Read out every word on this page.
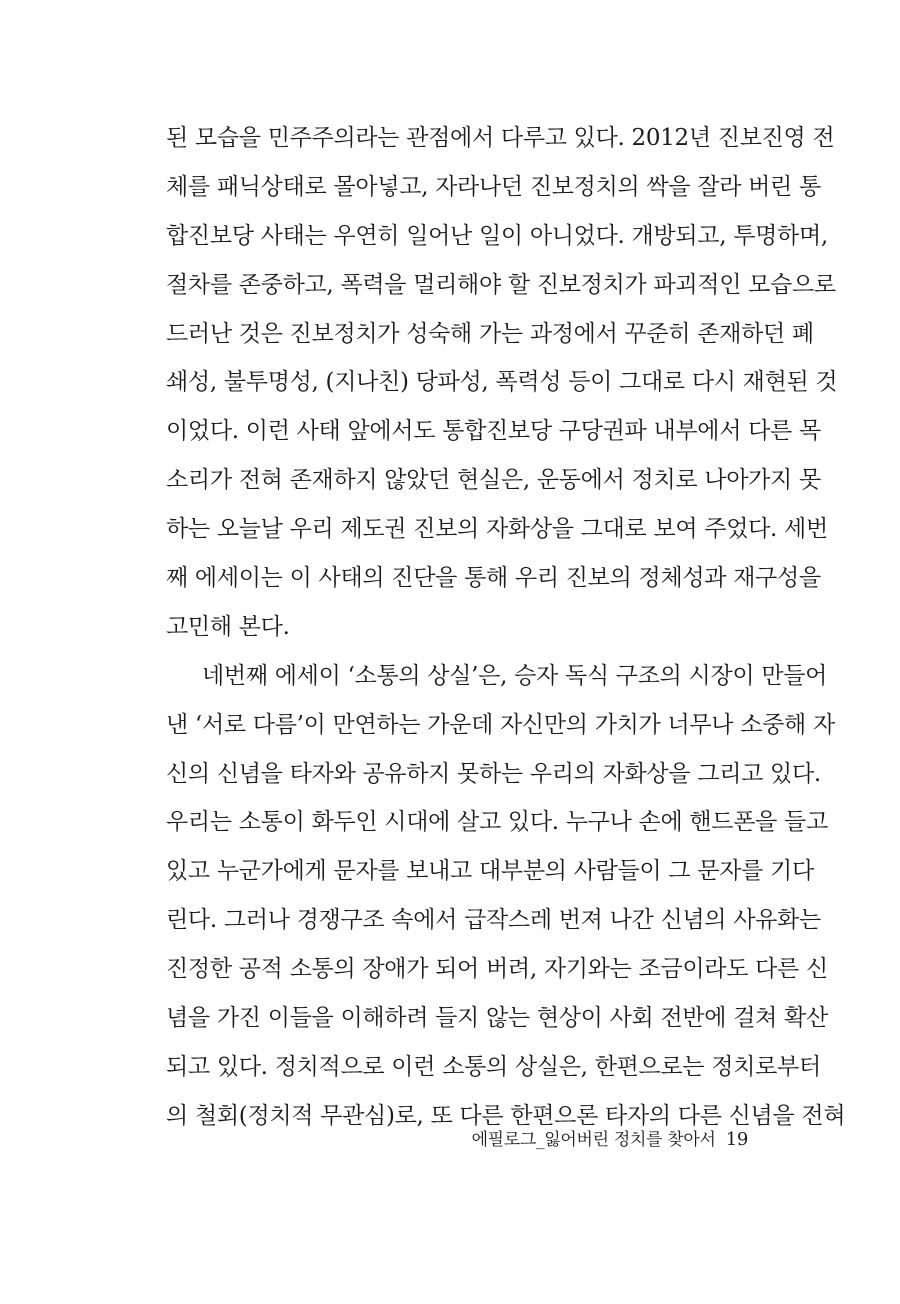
된 모습을 민주주의라는 관점에서 다루고 있다. 2012년 진보진영 전
체를 패닉상태로 몰아넣고, 자라나던 진보정치의 싹을 잘라 버린 통
합진보당 사태는 우연히 일어난 일이 아니었다. 개방되고, 투명하며,
절차를 존중하고, 폭력을 멀리해야 할 진보정치가 파괴적인 모습으로
드러난 것은 진보정치가 성숙해 가는 과정에서 꾸준히 존재하던 폐
쇄성, 불투명성, (지나친) 당파성, 폭력성 등이 그대로 다시 재현된 것
이었다. 이런 사태 앞에서도 통합진보당 구당권파 내부에서 다른 목
소리가 전혀 존재하지 않았던 현실은, 운동에서 정치로 나아가지 못
하는 오늘날 우리 제도권 진보의 자화상을 그대로 보여 주었다. 세번
째 에세이는 이 사태의 진단을 통해 우리 진보의 정체성과 재구성을
고민해 본다.
네번째 에세이 ‘소통의 상실’은, 승자 독식 구조의 시장이 만들어
낸 ‘서로 다름’이 만연하는 가운데 자신만의 가치가 너무나 소중해 자
신의 신념을 타자와 공유하지 못하는 우리의 자화상을 그리고 있다.
우리는 소통이 화두인 시대에 살고 있다. 누구나 손에 핸드폰을 들고
있고 누군가에게 문자를 보내고 대부분의 사람들이 그 문자를 기다
린다. 그러나 경쟁구조 속에서 급작스레 번져 나간 신념의 사유화는
진정한 공적 소통의 장애가 되어 버려, 자기와는 조금이라도 다른 신
념을 가진 이들을 이해하려 들지 않는 현상이 사회 전반에 걸쳐 확산
되고 있다. 정치적으로 이런 소통의 상실은, 한편으로는 정치로부터
의 철회(정치적 무관심)로, 또 다른 한편으론 타자의 다른 신념을 전혀
에필로그_잃어버린 정치를 찾아서 19
